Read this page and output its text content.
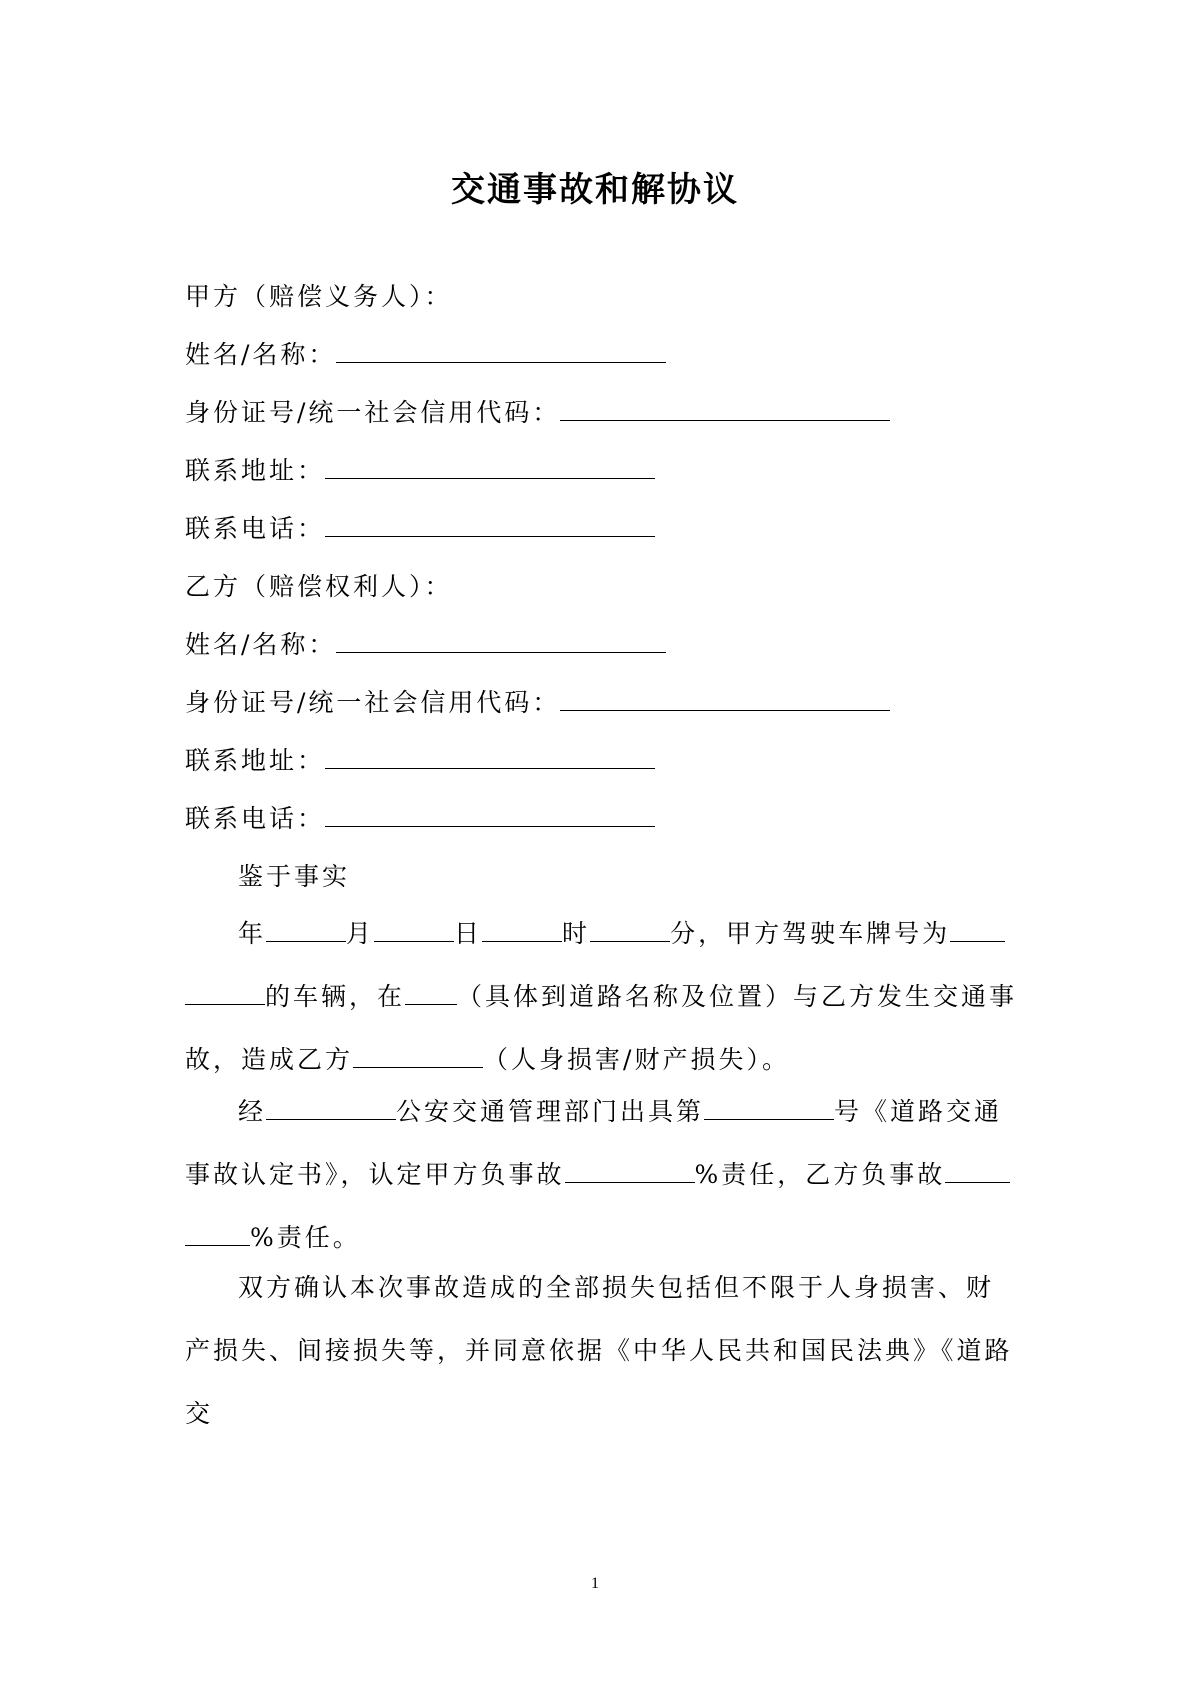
交通事故和解协议
甲方（赔偿义务人）：
姓名/名称：
身份证号/统一社会信用代码：
联系地址：
联系电话：
乙方（赔偿权利人）：
姓名/名称：
身份证号/统一社会信用代码：
联系地址：
联系电话：
鉴于事实
年	月	日	时	分，甲方驾驶车牌号为的车辆，在 （具体到道路名称及位置）与乙方发生交通事故，造成乙方	（人身损害/财产损失）。
经	公安交通管理部门出具第	号《道路交通事故认定书》，认定甲方负事故	%责任，乙方负事故%责任。
双方确认本次事故造成的全部损失包括但不限于人身损害、财产损失、间接损失等，并同意依据《中华人民共和国民法典》《道路交
1
